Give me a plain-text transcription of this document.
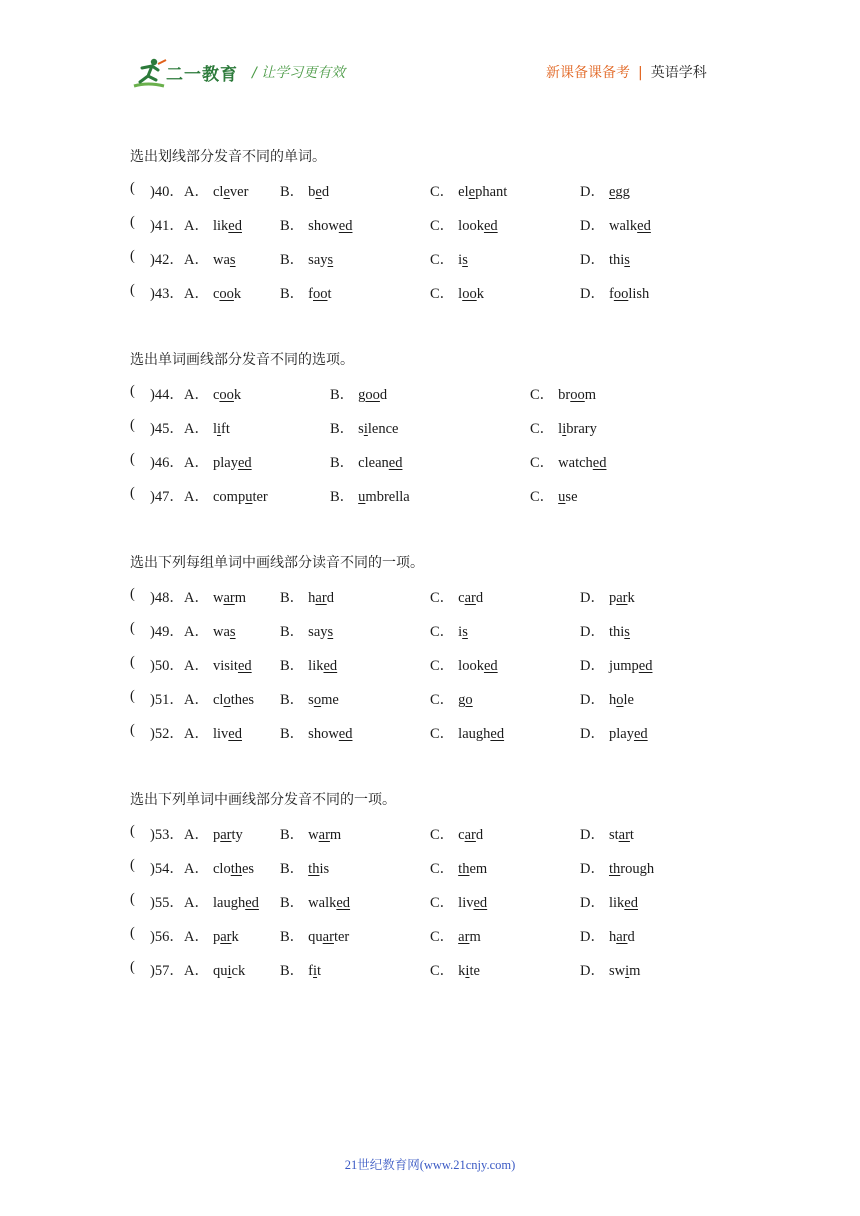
二一教育 / 让学习更有效	新课备课备考 | 英语学科
选出划线部分发音不同的单词。
( )40． A． clever B． bed	C． elephant	D． egg
( )41． A． liked	B． showed	C． looked	D． walked
( )42． A． was	B． says	C． is	D． this
( )43． A． cook	B． foot	C． look	D． foolish
选出单词画线部分发音不同的选项。
( )44． A． cook	B． good	C． broom
( )45． A． lift	B． silence	C． library
( )46． A． played	B． cleaned	C． watched
( )47． A． computer	B． umbrella	C． use
选出下列每组单词中画线部分读音不同的一项。
( )48． A． warm B． hard	C． card	D． park
( )49． A． was	B． says	C． is	D． this
( )50． A． visited B． liked	C． looked	D． jumped
( )51． A． clothes B． some	C． go	D． hole
( )52． A． lived	B． showed	C． laughed	D． played
选出下列单词中画线部分发音不同的一项。
( )53． A． party	B． warm	C． card	D． start
( )54． A． clothes B． this	C． them	D． through
( )55． A． laughed B． walked	C． lived	D． liked
( )56． A． park	B． quarter	C． arm	D． hard
( )57． A． quick B． fit	C． kite	D． swim
21世纪教育网(www.21cnjy.com)
